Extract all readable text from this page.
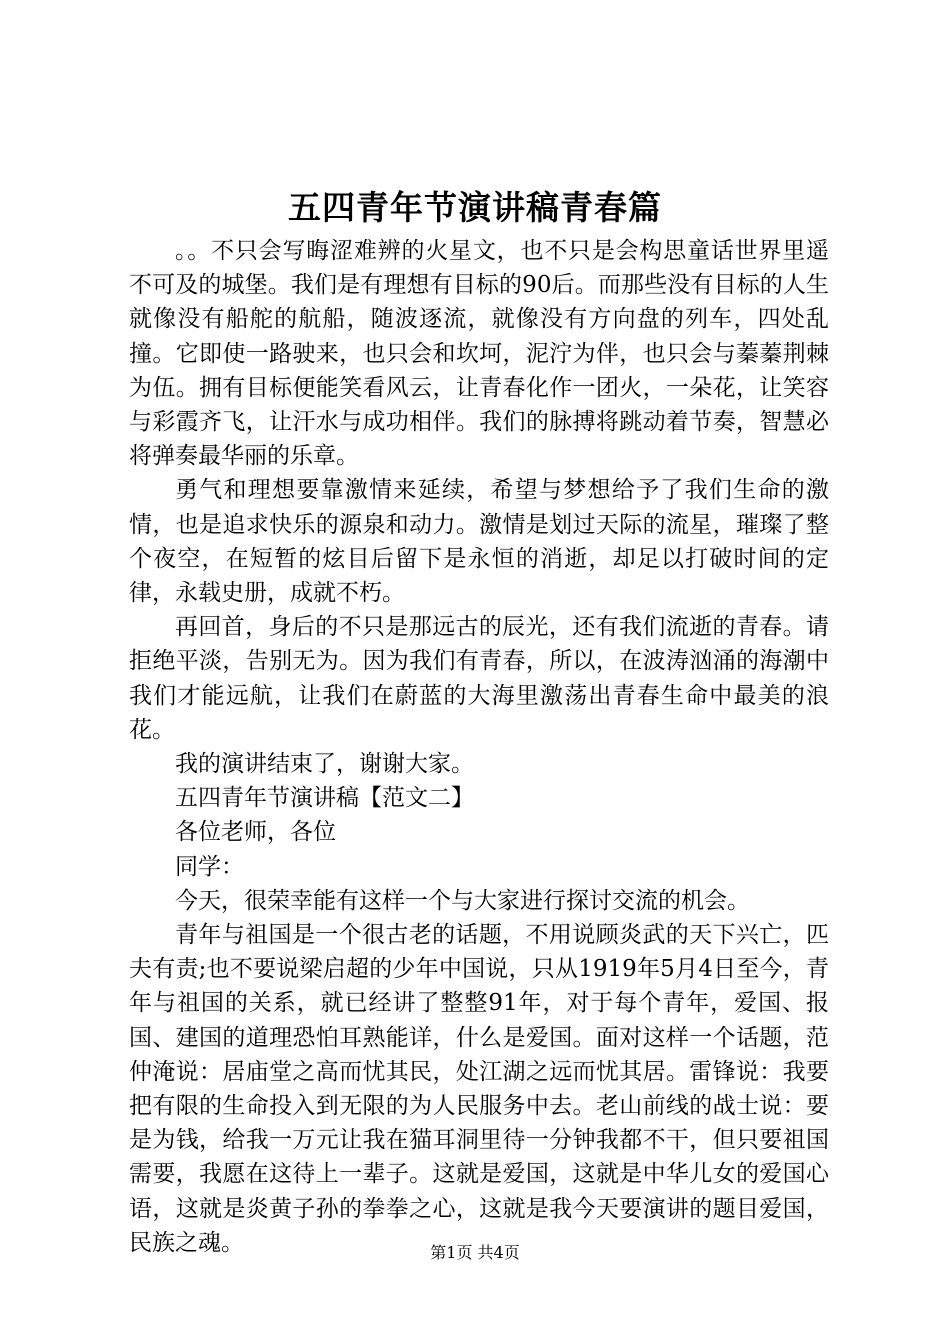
五四青年节演讲稿青春篇

。。不只会写晦涩难辨的火星文，也不只是会构思童话世界里遥不可及的城堡。我们是有理想有目标的90后。而那些没有目标的人生就像没有船舵的航船，随波逐流，就像没有方向盘的列车，四处乱撞。它即使一路驶来，也只会和坎坷，泥泞为伴，也只会与蓁蓁荆棘为伍。拥有目标便能笑看风云，让青春化作一团火，一朵花，让笑容与彩霞齐飞，让汗水与成功相伴。我们的脉搏将跳动着节奏，智慧必将弹奏最华丽的乐章。

勇气和理想要靠激情来延续，希望与梦想给予了我们生命的激情，也是追求快乐的源泉和动力。激情是划过天际的流星，璀璨了整个夜空，在短暂的炫目后留下是永恒的消逝，却足以打破时间的定律，永载史册，成就不朽。

再回首，身后的不只是那远古的辰光，还有我们流逝的青春。请拒绝平淡，告别无为。因为我们有青春，所以，在波涛汹涌的海潮中我们才能远航，让我们在蔚蓝的大海里激荡出青春生命中最美的浪花。

我的演讲结束了，谢谢大家。

五四青年节演讲稿【范文二】

各位老师，各位

同学：

今天，很荣幸能有这样一个与大家进行探讨交流的机会。

青年与祖国是一个很古老的话题，不用说顾炎武的天下兴亡，匹夫有责;也不要说梁启超的少年中国说，只从1919年5月4日至今，青年与祖国的关系，就已经讲了整整91年，对于每个青年，爱国、报国、建国的道理恐怕耳熟能详，什么是爱国。面对这样一个话题，范仲淹说：居庙堂之高而忧其民，处江湖之远而忧其居。雷锋说：我要把有限的生命投入到无限的为人民服务中去。老山前线的战士说：要是为钱，给我一万元让我在猫耳洞里待一分钟我都不干，但只要祖国需要，我愿在这待上一辈子。这就是爱国，这就是中华儿女的爱国心语，这就是炎黄子孙的拳拳之心，这就是我今天要演讲的题目爱国，民族之魂。	第1页 共4页
